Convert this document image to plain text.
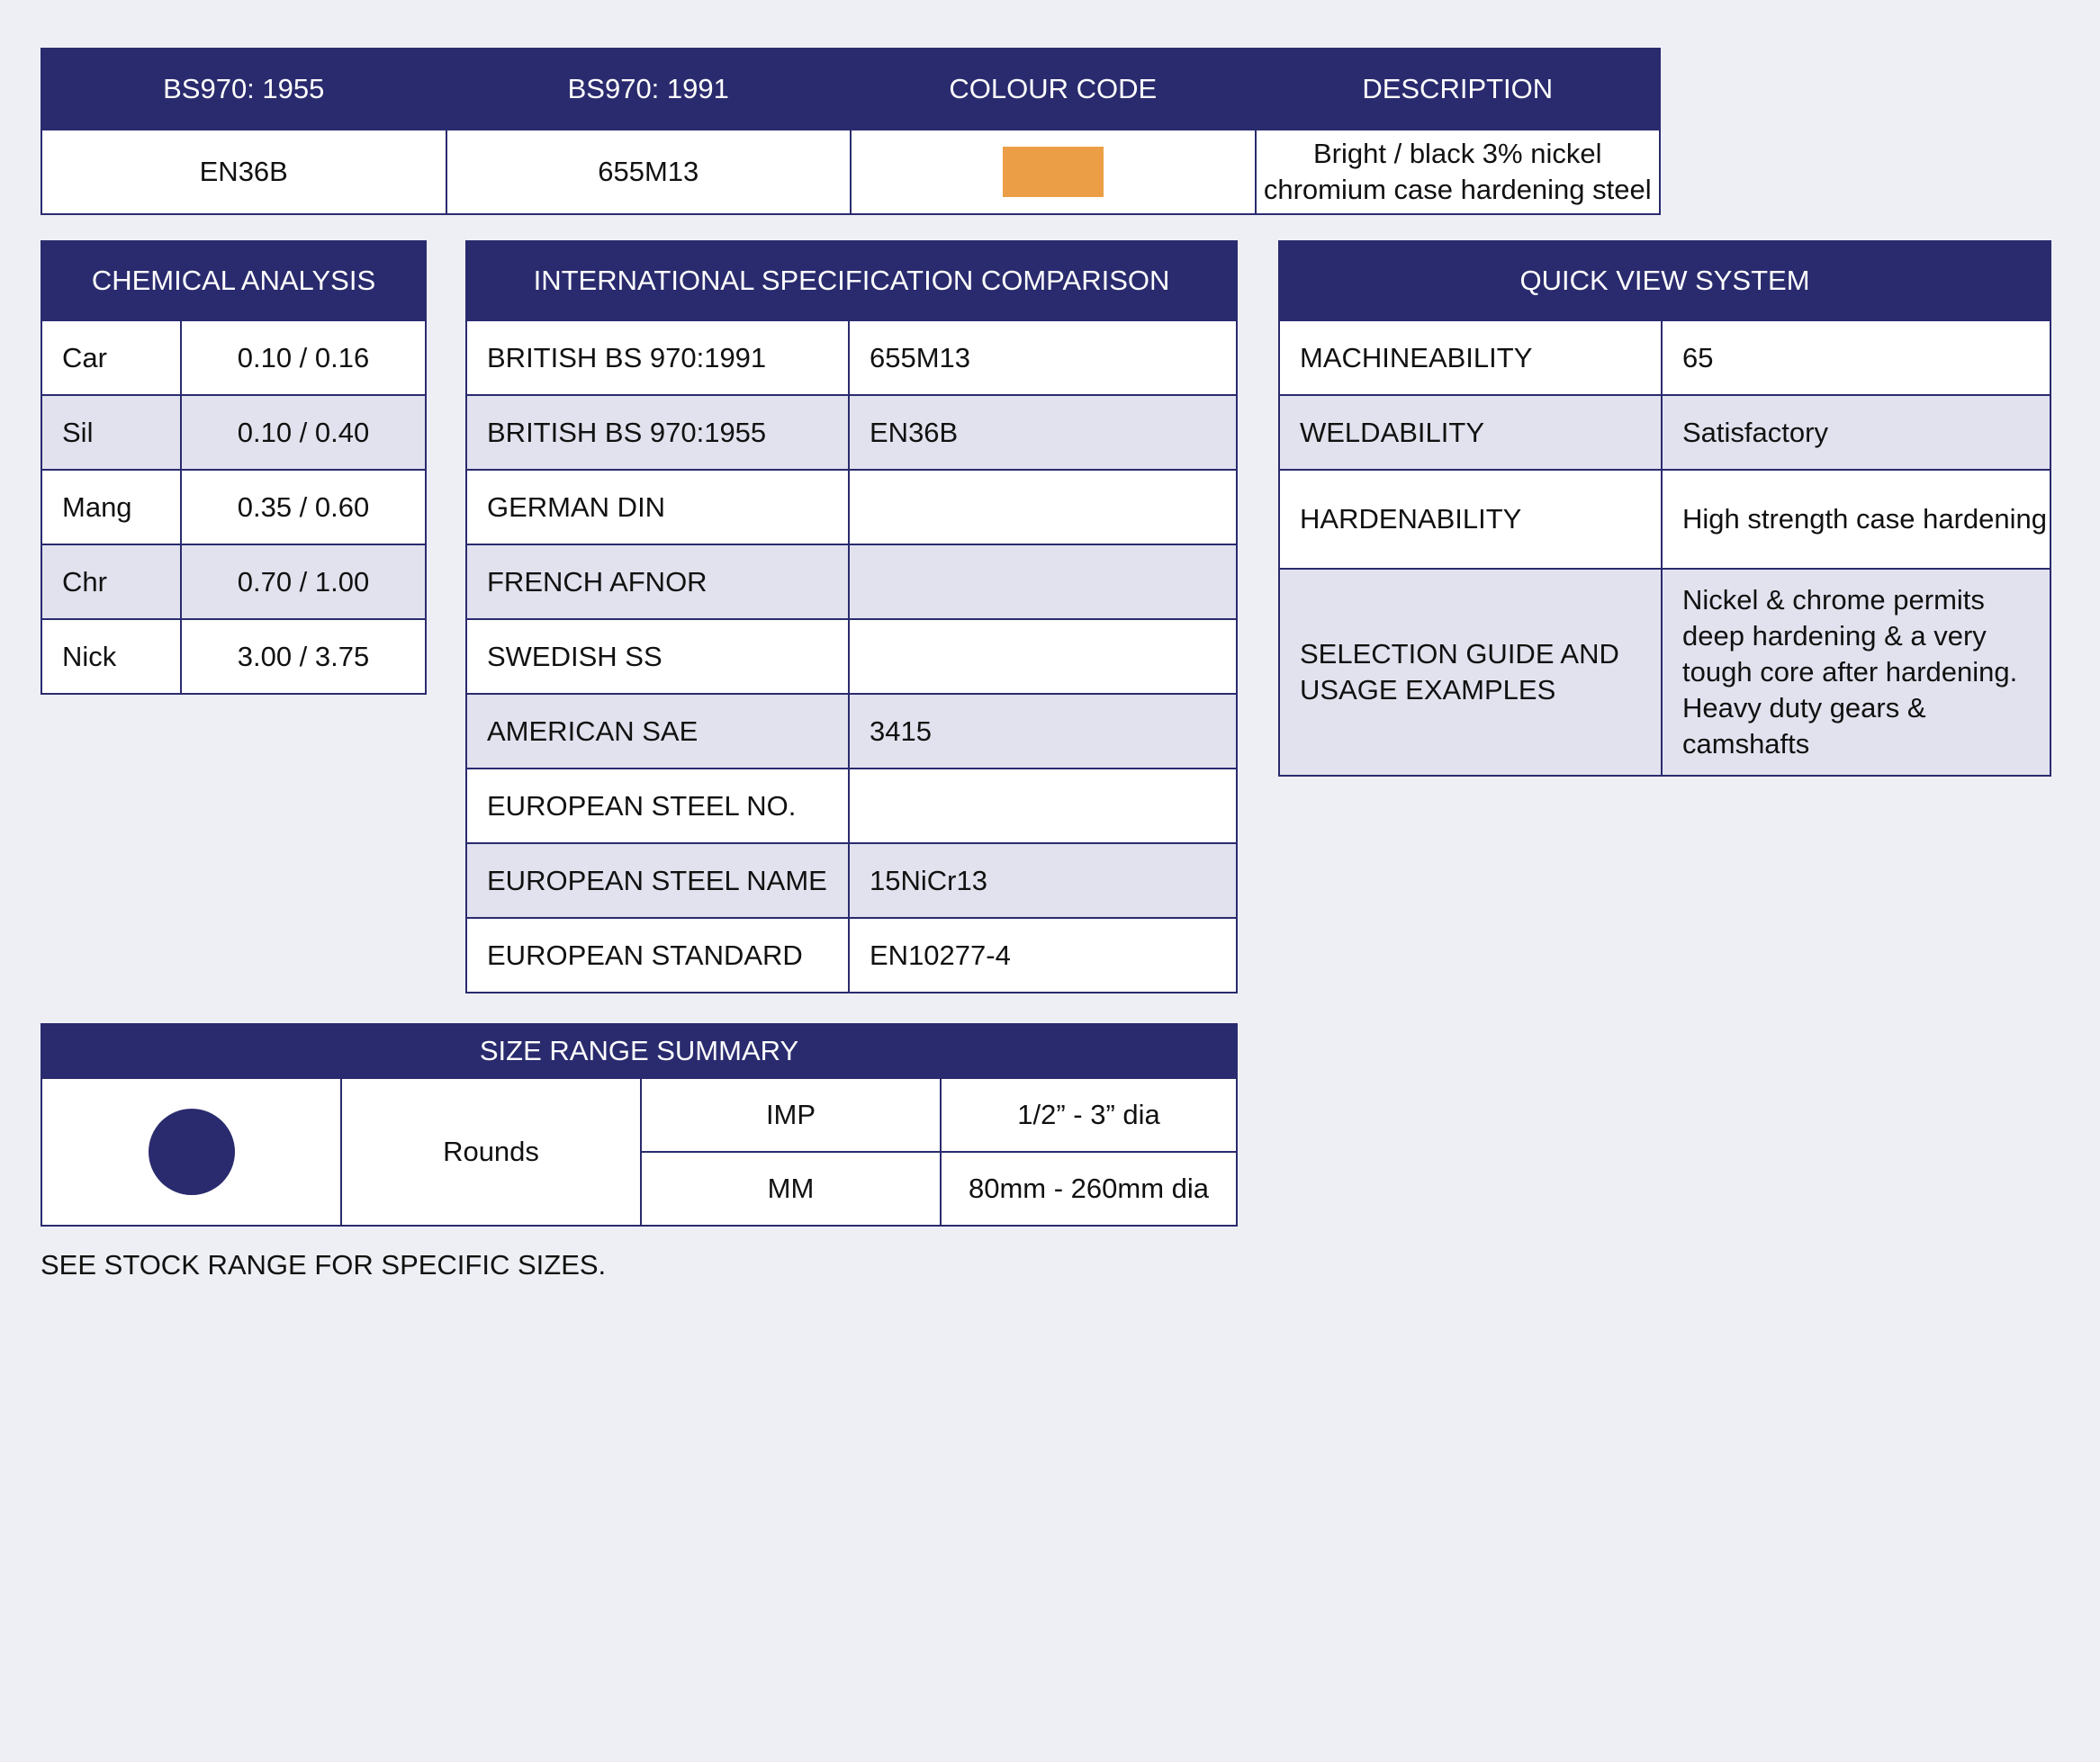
BS970: 1955	BS970: 1991	COLOUR CODE	DESCRIPTION
EN36B	655M13		Bright / black 3% nickel
chromium case hardening steel
CHEMICAL ANALYSIS	
Car	0.10 / 0.16
Sil	0.10 / 0.40
Mang	0.35 / 0.60
Chr	0.70 / 1.00
Nick	3.00 / 3.75
INTERNATIONAL SPECIFICATION COMPARISON	
BRITISH BS 970:1991	655M13
BRITISH BS 970:1955	EN36B
GERMAN DIN	
FRENCH AFNOR	
SWEDISH SS	
AMERICAN SAE	3415
EUROPEAN STEEL NO.	
EUROPEAN STEEL NAME	15NiCr13
EUROPEAN STANDARD	EN10277-4
QUICK VIEW SYSTEM	
MACHINEABILITY	65
WELDABILITY	Satisfactory
HARDENABILITY	High strength case hardening
SELECTION GUIDE AND USAGE EXAMPLES	Nickel & chrome permits deep hardening & a very tough core after hardening. Heavy duty gears & camshafts
SIZE RANGE SUMMARY			
	Rounds	IMP	1/2” - 3” dia
		MM	80mm - 260mm dia
SEE STOCK RANGE FOR SPECIFIC SIZES.
